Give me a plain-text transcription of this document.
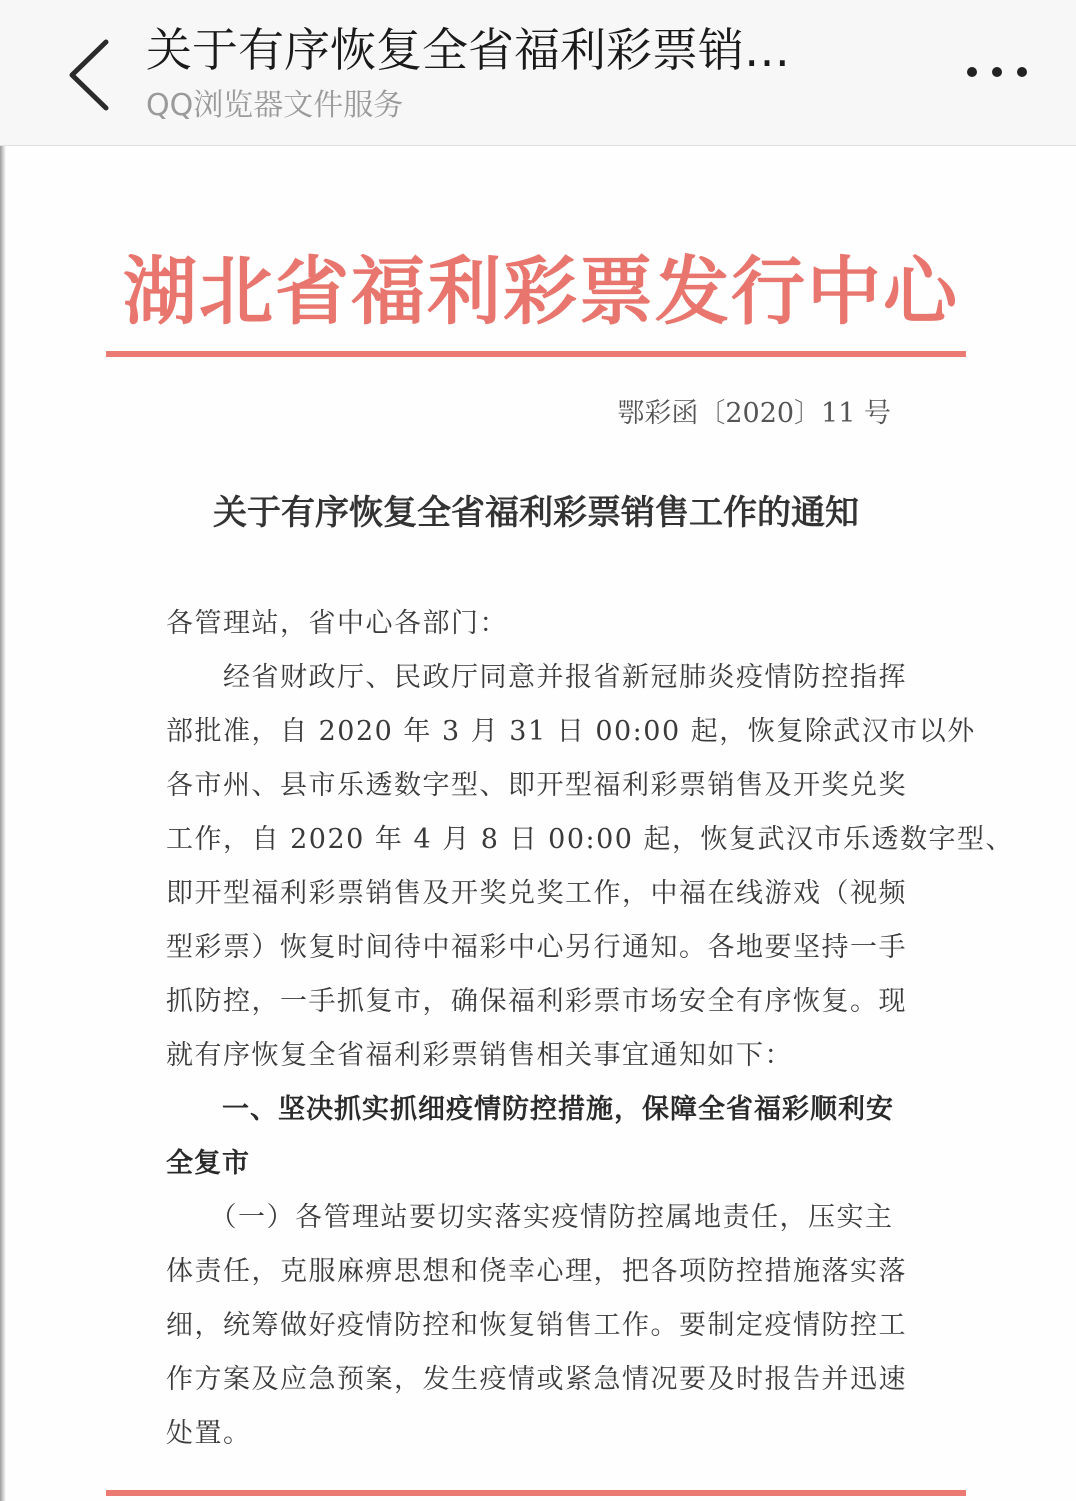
关于有序恢复全省福利彩票销…
QQ浏览器文件服务
湖北省福利彩票发行中心
鄂彩函〔2020〕11 号
关于有序恢复全省福利彩票销售工作的通知
各管理站，省中心各部门：
　　经省财政厅、民政厅同意并报省新冠肺炎疫情防控指挥
部批准，自 2020 年 3 月 31 日 00:00 起，恢复除武汉市以外
各市州、县市乐透数字型、即开型福利彩票销售及开奖兑奖
工作，自 2020 年 4 月 8 日 00:00 起，恢复武汉市乐透数字型、
即开型福利彩票销售及开奖兑奖工作，中福在线游戏（视频
型彩票）恢复时间待中福彩中心另行通知。各地要坚持一手
抓防控，一手抓复市，确保福利彩票市场安全有序恢复。现
就有序恢复全省福利彩票销售相关事宜通知如下：
　　一、坚决抓实抓细疫情防控措施，保障全省福彩顺利安
全复市
　　（一）各管理站要切实落实疫情防控属地责任，压实主
体责任，克服麻痹思想和侥幸心理，把各项防控措施落实落
细，统筹做好疫情防控和恢复销售工作。要制定疫情防控工
作方案及应急预案，发生疫情或紧急情况要及时报告并迅速
处置。
